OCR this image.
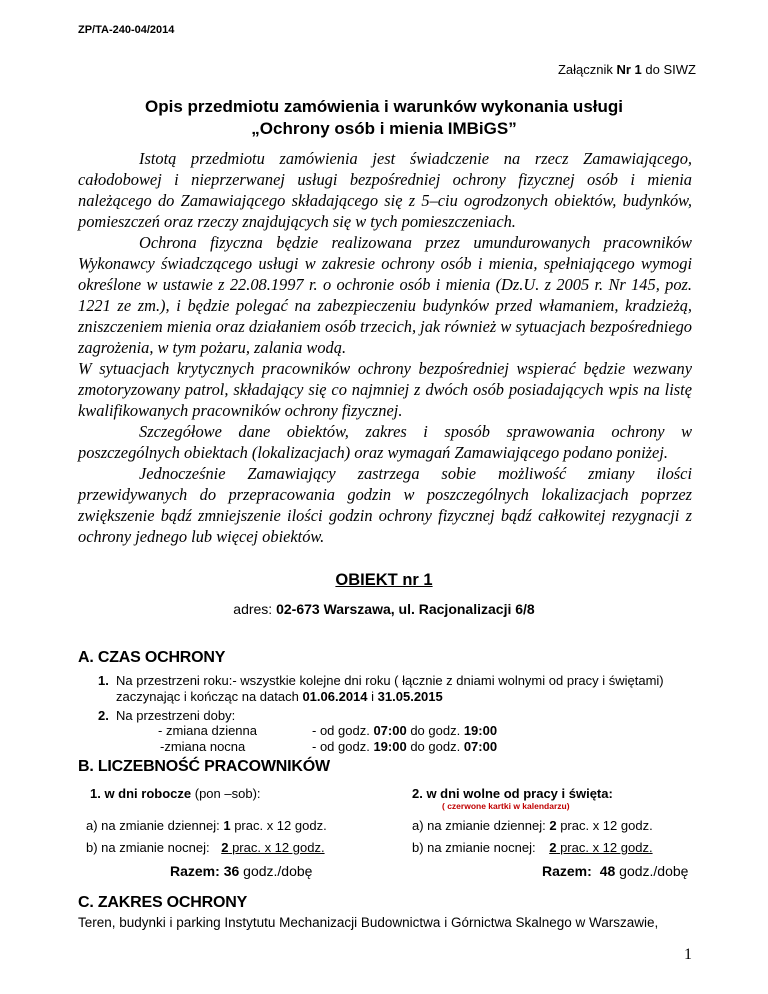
ZP/TA-240-04/2014
Załącznik Nr 1 do SIWZ
Opis przedmiotu zamówienia i warunków wykonania usługi
„Ochrony osób i mienia IMBiGS”

Istotą przedmiotu zamówienia jest świadczenie na rzecz Zamawiającego, całodobowej i nieprzerwanej usługi bezpośredniej ochrony fizycznej osób i mienia należącego do Zamawiającego składającego się z 5–ciu ogrodzonych obiektów, budynków, pomieszczeń oraz rzeczy znajdujących się w tych pomieszczeniach.

Ochrona fizyczna będzie realizowana przez umundurowanych pracowników Wykonawcy świadczącego usługi w zakresie ochrony osób i mienia, spełniającego wymogi określone w ustawie z 22.08.1997 r. o ochronie osób i mienia (Dz.U. z 2005 r. Nr 145, poz. 1221 ze zm.), i będzie polegać na zabezpieczeniu budynków przed włamaniem, kradzieżą, zniszczeniem mienia oraz działaniem osób trzecich, jak również w sytuacjach bezpośredniego zagrożenia, w tym pożaru, zalania wodą.

W sytuacjach krytycznych pracowników ochrony bezpośredniej wspierać będzie wezwany zmotoryzowany patrol, składający się co najmniej z dwóch osób posiadających wpis na listę kwalifikowanych pracowników ochrony fizycznej.

Szczegółowe dane obiektów, zakres i sposób sprawowania ochrony w poszczególnych obiektach (lokalizacjach) oraz wymagań Zamawiającego podano poniżej.

Jednocześnie Zamawiający zastrzega sobie możliwość zmiany ilości przewidywanych do przepracowania godzin w poszczególnych lokalizacjach poprzez zwiększenie bądź zmniejszenie ilości godzin ochrony fizycznej bądź całkowitej rezygnacji z ochrony jednego lub więcej obiektów.

OBIEKT nr 1
adres: 02-673 Warszawa, ul. Racjonalizacji 6/8
A. CZAS OCHRONY
1. Na przestrzeni roku:- wszystkie kolejne dni roku ( łącznie z dniami wolnymi od pracy i świętami) zaczynając i kończąc na datach 01.06.2014 i 31.05.2015
2. Na przestrzeni doby:
- zmiana dzienna	- od godz. 07:00 do godz. 19:00
-zmiana nocna	- od godz. 19:00 do godz. 07:00
B. LICZEBNOŚĆ PRACOWNIKÓW
1. w dni robocze (pon –sob):	2. w dni wolne od pracy i święta:
( czerwone kartki w kalendarzu)
a) na zmianie dziennej: 1 prac. x 12 godz.	a) na zmianie dziennej: 2 prac. x 12 godz.
b) na zmianie nocnej: 2 prac. x 12 godz.	b) na zmianie nocnej: 2 prac. x 12 godz.
Razem: 36 godz./dobę	Razem: 48 godz./dobę
C. ZAKRES OCHRONY
Teren, budynki i parking Instytutu Mechanizacji Budownictwa i Górnictwa Skalnego w Warszawie,
1
